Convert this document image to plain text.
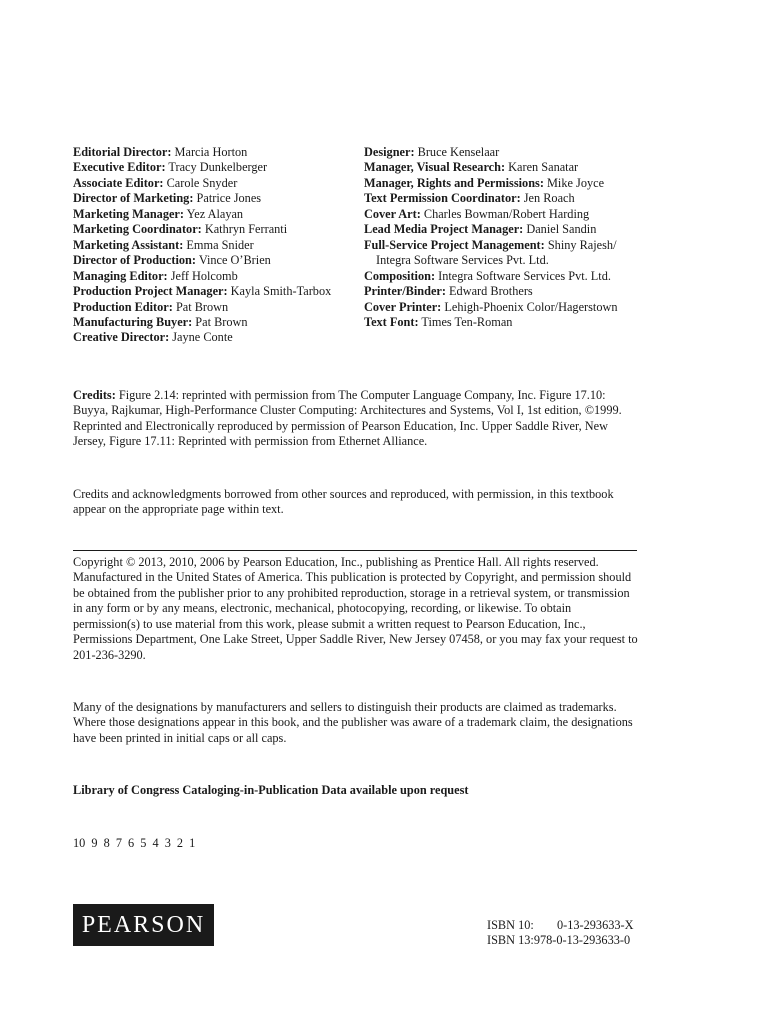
Editorial Director: Marcia Horton
Executive Editor: Tracy Dunkelberger
Associate Editor: Carole Snyder
Director of Marketing: Patrice Jones
Marketing Manager: Yez Alayan
Marketing Coordinator: Kathryn Ferranti
Marketing Assistant: Emma Snider
Director of Production: Vince O’Brien
Managing Editor: Jeff Holcomb
Production Project Manager: Kayla Smith-Tarbox
Production Editor: Pat Brown
Manufacturing Buyer: Pat Brown
Creative Director: Jayne Conte
Designer: Bruce Kenselaar
Manager, Visual Research: Karen Sanatar
Manager, Rights and Permissions: Mike Joyce
Text Permission Coordinator: Jen Roach
Cover Art: Charles Bowman/Robert Harding
Lead Media Project Manager: Daniel Sandin
Full-Service Project Management: Shiny Rajesh/
Integra Software Services Pvt. Ltd.
Composition: Integra Software Services Pvt. Ltd.
Printer/Binder: Edward Brothers
Cover Printer: Lehigh-Phoenix Color/Hagerstown
Text Font: Times Ten-Roman

Credits: Figure 2.14: reprinted with permission from The Computer Language Company, Inc. Figure 17.10: Buyya, Rajkumar, High-Performance Cluster Computing: Architectures and Systems, Vol I, 1st edition, ©1999. Reprinted and Electronically reproduced by permission of Pearson Education, Inc. Upper Saddle River, New Jersey, Figure 17.11: Reprinted with permission from Ethernet Alliance.

Credits and acknowledgments borrowed from other sources and reproduced, with permission, in this textbook appear on the appropriate page within text.

Copyright © 2013, 2010, 2006 by Pearson Education, Inc., publishing as Prentice Hall. All rights reserved. Manufactured in the United States of America. This publication is protected by Copyright, and permission should be obtained from the publisher prior to any prohibited reproduction, storage in a retrieval system, or transmission in any form or by any means, electronic, mechanical, photocopying, recording, or likewise. To obtain permission(s) to use material from this work, please submit a written request to Pearson Education, Inc., Permissions Department, One Lake Street, Upper Saddle River, New Jersey 07458, or you may fax your request to 201-236-3290.

Many of the designations by manufacturers and sellers to distinguish their products are claimed as trademarks. Where those designations appear in this book, and the publisher was aware of a trademark claim, the designations have been printed in initial caps or all caps.

Library of Congress Cataloging-in-Publication Data available upon request

10 9 8 7 6 5 4 3 2 1
PEARSON	ISBN 10: 0-13-293633-X
ISBN 13:978-0-13-293633-0
